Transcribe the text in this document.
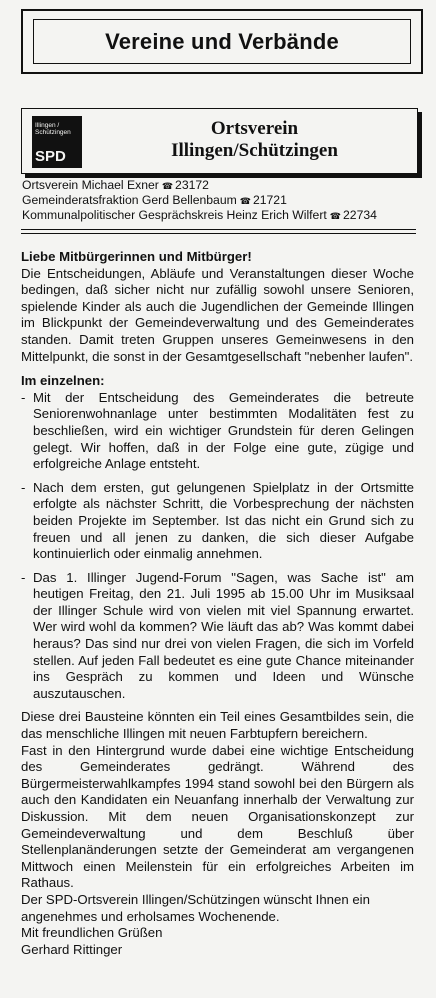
Vereine und Verbände
Illingen /
Schützingen
SPD
Ortsverein
Illingen/Schützingen
Ortsverein Michael Exner ☎ 23172
Gemeinderatsfraktion Gerd Bellenbaum ☎ 21721
Kommunalpolitischer Gesprächskreis Heinz Erich Wilfert ☎ 22734

Liebe Mitbürgerinnen und Mitbürger!

Die Entscheidungen, Abläufe und Veranstaltungen dieser Woche bedingen, daß sicher nicht nur zufällig sowohl unsere Senioren, spielende Kinder als auch die Jugendlichen der Gemeinde Illingen im Blickpunkt der Gemeindeverwaltung und des Gemeinderates standen. Damit treten Gruppen unseres Gemeinwesens in den Mittelpunkt, die sonst in der Gesamtgesellschaft "nebenher laufen".

Im einzelnen:

- Mit der Entscheidung des Gemeinderates die betreute Seniorenwohnanlage unter bestimmten Modalitäten fest zu beschließen, wird ein wichtiger Grundstein für deren Gelingen gelegt. Wir hoffen, daß in der Folge eine gute, zügige und erfolgreiche Anlage entsteht.
- Nach dem ersten, gut gelungenen Spielplatz in der Ortsmitte erfolgte als nächster Schritt, die Vorbesprechung der nächsten beiden Projekte im September. Ist das nicht ein Grund sich zu freuen und all jenen zu danken, die sich dieser Aufgabe kontinuierlich oder einmalig annehmen.
- Das 1. Illinger Jugend-Forum "Sagen, was Sache ist" am heutigen Freitag, den 21. Juli 1995 ab 15.00 Uhr im Musiksaal der Illinger Schule wird von vielen mit viel Spannung erwartet. Wer wird wohl da kommen? Wie läuft das ab? Was kommt dabei heraus? Das sind nur drei von vielen Fragen, die sich im Vorfeld stellen. Auf jeden Fall bedeutet es eine gute Chance miteinander ins Gespräch zu kommen und Ideen und Wünsche auszutauschen.

Diese drei Bausteine könnten ein Teil eines Gesamtbildes sein, die das menschliche Illingen mit neuen Farbtupfern bereichern.

Fast in den Hintergrund wurde dabei eine wichtige Entscheidung des Gemeinderates gedrängt. Während des Bürgermeisterwahlkampfes 1994 stand sowohl bei den Bürgern als auch den Kandidaten ein Neuanfang innerhalb der Verwaltung zur Diskussion. Mit dem neuen Organisationskonzept zur Gemeindeverwaltung und dem Beschluß über Stellenplanänderungen setzte der Gemeinderat am vergangenen Mittwoch einen Meilenstein für ein erfolgreiches Arbeiten im Rathaus.

Der SPD-Ortsverein Illingen/Schützingen wünscht Ihnen ein angenehmes und erholsames Wochenende.

Mit freundlichen Grüßen

Gerhard Rittinger
